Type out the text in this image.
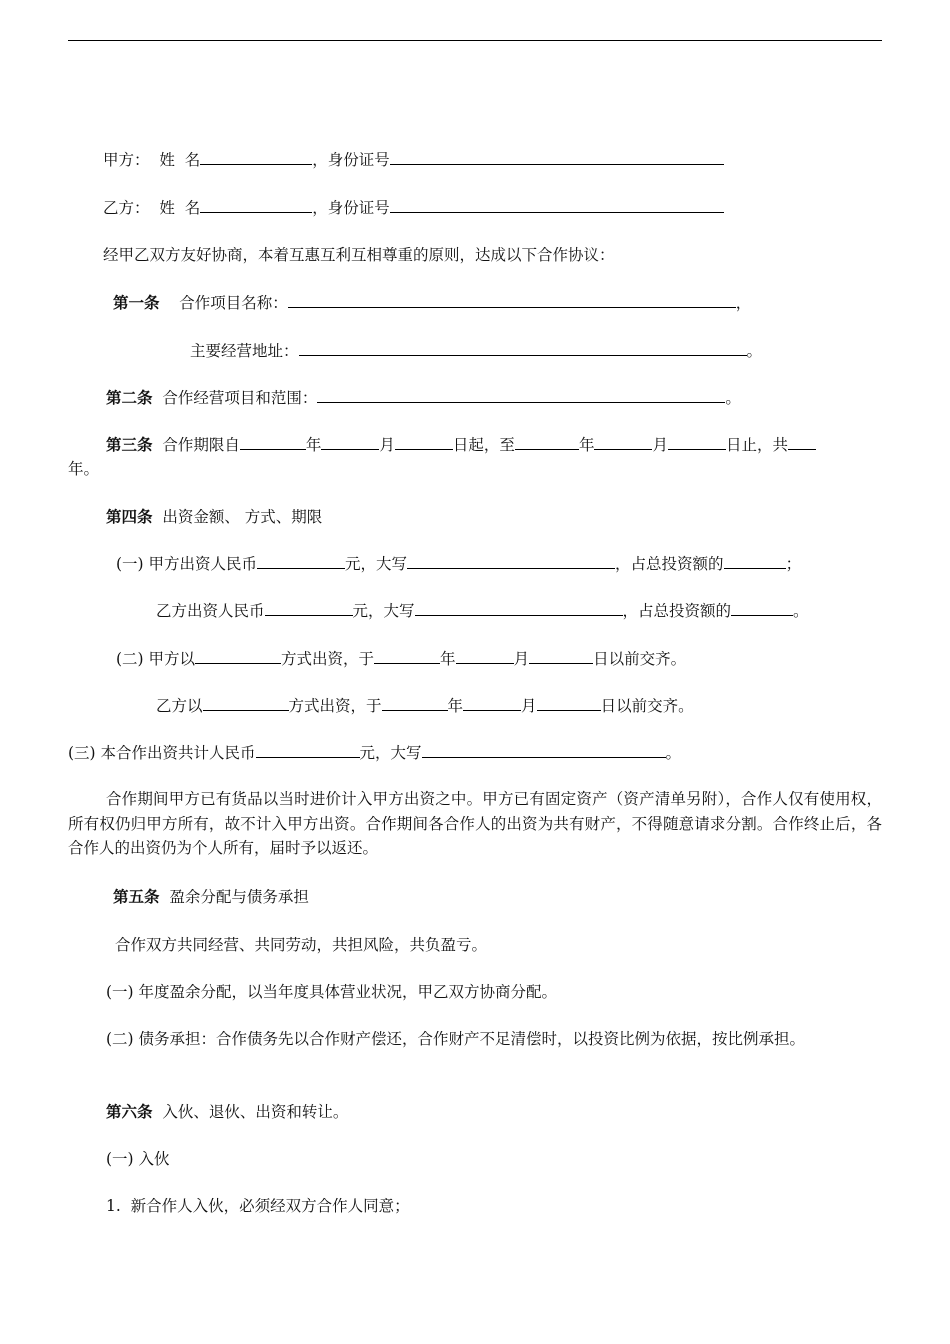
甲方： 姓  名	，身份证号
乙方： 姓  名	，身份证号
经甲乙双方友好协商，本着互惠互利互相尊重的原则，达成以下合作协议：
第一条 合作项目名称：	，
主要经营地址：	。
第二条 合作经营项目和范围：	。
第三条 合作期限自	年	月	日起，至	年	月	日止，共
年。
第四条 出资金额、 方式、期限
(一) 甲方出资人民币	元，大写	，占总投资额的	；
乙方出资人民币	元，大写	，占总投资额的	。
(二) 甲方以	方式出资，于	年	月	日以前交齐。
乙方以	方式出资，于	年	月	日以前交齐。
(三) 本合作出资共计人民币	元，大写	。
合作期间甲方已有货品以当时进价计入甲方出资之中。甲方已有固定资产（资产清单另附），合作人仅有使用权，所有权仍归甲方所有，故不计入甲方出资。合作期间各合作人的出资为共有财产，不得随意请求分割。合作终止后，各合作人的出资仍为个人所有，届时予以返还。
第五条 盈余分配与债务承担
合作双方共同经营、共同劳动，共担风险，共负盈亏。
(一) 年度盈余分配，以当年度具体营业状况，甲乙双方协商分配。
(二) 债务承担：合作债务先以合作财产偿还，合作财产不足清偿时，以投资比例为依据，按比例承担。
第六条 入伙、退伙、出资和转让。
(一) 入伙
1.  新合作人入伙，必须经双方合作人同意；
